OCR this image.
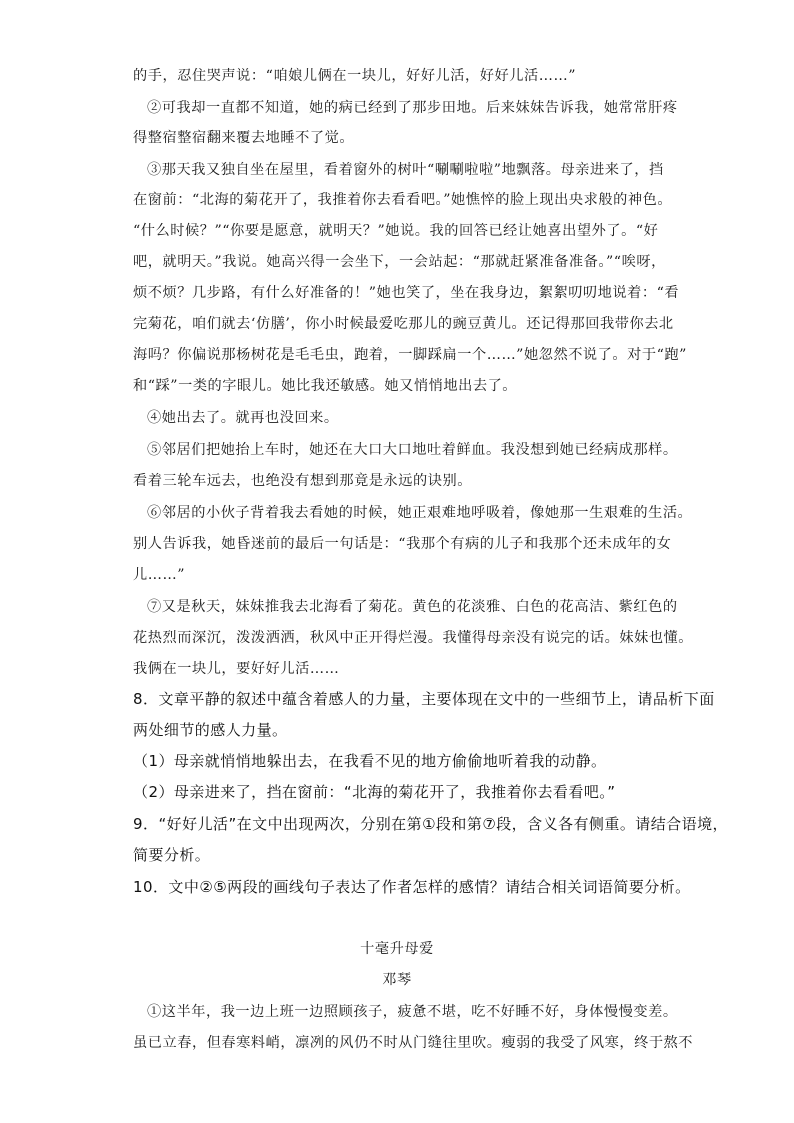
的手，忍住哭声说：“咱娘儿俩在一块儿，好好儿活，好好儿活……”
②可我却一直都不知道，她的病已经到了那步田地。后来妹妹告诉我，她常常肝疼
得整宿整宿翻来覆去地睡不了觉。
③那天我又独自坐在屋里，看着窗外的树叶“唰唰啦啦”地飘落。母亲进来了，挡
在窗前：“北海的菊花开了，我推着你去看看吧。”她憔悴的脸上现出央求般的神色。
“什么时候？”“你要是愿意，就明天？”她说。我的回答已经让她喜出望外了。“好
吧，就明天。”我说。她高兴得一会坐下，一会站起：“那就赶紧准备准备。”“唉呀，
烦不烦？几步路，有什么好准备的！”她也笑了，坐在我身边，絮絮叨叨地说着：“看
完菊花，咱们就去‘仿膳’，你小时候最爱吃那儿的豌豆黄儿。还记得那回我带你去北
海吗？你偏说那杨树花是毛毛虫，跑着，一脚踩扁一个……”她忽然不说了。对于“跑”
和“踩”一类的字眼儿。她比我还敏感。她又悄悄地出去了。
④她出去了。就再也没回来。
⑤邻居们把她抬上车时，她还在大口大口地吐着鲜血。我没想到她已经病成那样。
看着三轮车远去，也绝没有想到那竟是永远的诀别。
⑥邻居的小伙子背着我去看她的时候，她正艰难地呼吸着，像她那一生艰难的生活。
别人告诉我，她昏迷前的最后一句话是：“我那个有病的儿子和我那个还未成年的女
儿……”
⑦又是秋天，妹妹推我去北海看了菊花。黄色的花淡雅、白色的花高洁、紫红色的
花热烈而深沉，泼泼洒洒，秋风中正开得烂漫。我懂得母亲没有说完的话。妹妹也懂。
我俩在一块儿，要好好儿活……
8．文章平静的叙述中蕴含着感人的力量，主要体现在文中的一些细节上，请品析下面
两处细节的感人力量。
（1）母亲就悄悄地躲出去，在我看不见的地方偷偷地听着我的动静。
（2）母亲进来了，挡在窗前：“北海的菊花开了，我推着你去看看吧。”
9．“好好儿活”在文中出现两次，分别在第①段和第⑦段，含义各有侧重。请结合语境，
简要分析。
10．文中②⑤两段的画线句子表达了作者怎样的感情？请结合相关词语简要分析。
十毫升母爱
邓琴
①这半年，我一边上班一边照顾孩子，疲惫不堪，吃不好睡不好，身体慢慢变差。
虽已立春，但春寒料峭，凛冽的风仍不时从门缝往里吹。瘦弱的我受了风寒，终于熬不
